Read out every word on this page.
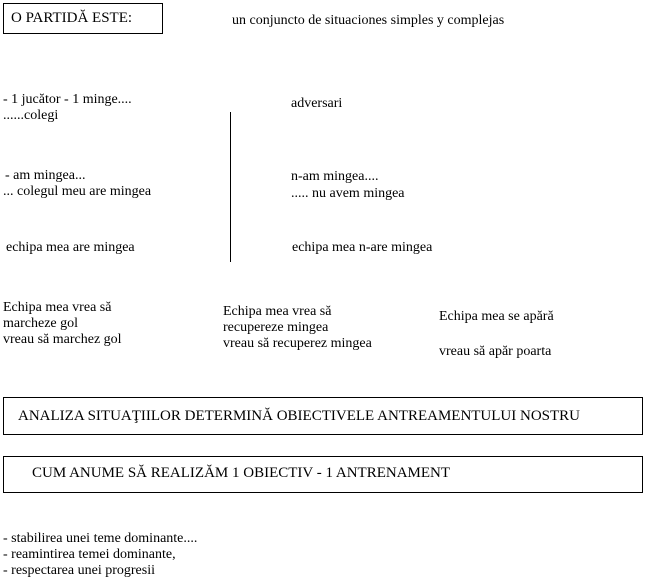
O PARTIDĂ ESTE:	un conjuncto de situaciones simples y complejas
- 1 jucător - 1 minge....
......colegi
- am mingea...
... colegul meu are mingea
echipa mea are mingea
adversari
n-am mingea....
..... nu avem mingea
echipa mea n-are mingea
Echipa mea vrea să
marcheze gol
vreau să marchez gol
Echipa mea vrea să
recupereze mingea
vreau să recuperez mingea
Echipa mea se apără
vreau să apăr poarta
ANALIZA SITUAŢIILOR DETERMINĂ OBIECTIVELE ANTREAMENTULUI NOSTRU
CUM ANUME SĂ REALIZĂM 1 OBIECTIV - 1 ANTRENAMENT
- stabilirea unei teme dominante....
- reamintirea temei dominante,
- respectarea unei progresii
